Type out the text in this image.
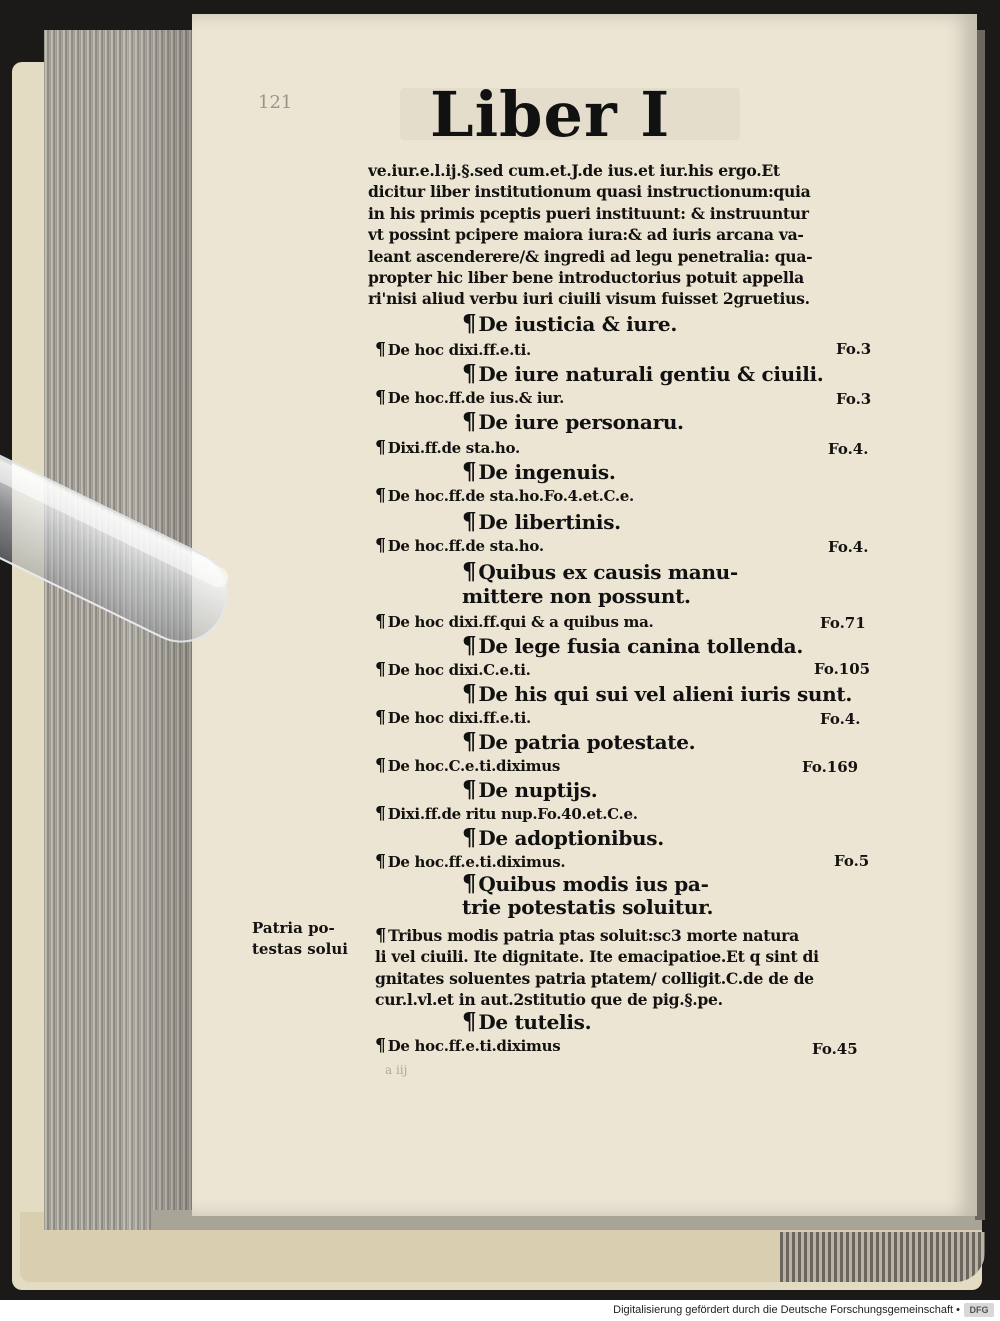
121 Liber I
ve.iur.e.l.ij.§.sed cum.et.J.de ius.et iur.his ergo.Et
dicitur liber institutionum quasi instructionum:quia
in his primis pceptis pueri instituunt: & instruuntur
vt possint pcipere maiora iura:& ad iuris arcana va-
leant ascenderere/& ingredi ad legu penetralia: qua-
propter hic liber bene introductorius potuit appella
ri'nisi aliud verbu iuri ciuili visum fuisset 2gruetius.
¶ De iusticia & iure.
¶ De hoc dixi.ff.e.ti.	Fo.3
¶ De iure naturali gentiu & ciuili.
¶ De hoc.ff.de ius.& iur.	Fo.3
¶ De iure personaru.
¶ Dixi.ff.de sta.ho.	Fo.4.
¶ De ingenuis.
¶ De hoc.ff.de sta.ho.Fo.4.et.C.e.
¶ De libertinis.
¶ De hoc.ff.de sta.ho.	Fo.4.
¶ Quibus ex causis manu-
mittere non possunt.
¶ De hoc dixi.ff.qui & a quibus ma.	Fo.71
¶ De lege fusia canina tollenda.
¶ De hoc dixi.C.e.ti.	Fo.105
¶ De his qui sui vel alieni iuris sunt.
¶ De hoc dixi.ff.e.ti.	Fo.4.
¶ De patria potestate.
¶ De hoc.C.e.ti.diximus	Fo.169
¶ De nuptijs.
¶ Dixi.ff.de ritu nup.Fo.40.et.C.e.
¶ De adoptionibus.
¶ De hoc.ff.e.ti.diximus.	Fo.5
¶ Quibus modis ius pa-
trie potestatis soluitur.
Patria po-
testas solui
¶ Tribus modis patria ptas soluit:sc3 morte natura
li vel ciuili. Ite dignitate. Ite emacipatioe.Et q sint di
gnitates soluentes patria ptatem/ colligit.C.de de de
cur.l.vl.et in aut.2stitutio que de pig.§.pe.
¶ De tutelis.
¶ De hoc.ff.e.ti.diximus	Fo.45
a iij
Digitalisierung gefördert durch die Deutsche Forschungsgemeinschaft •	DFG
